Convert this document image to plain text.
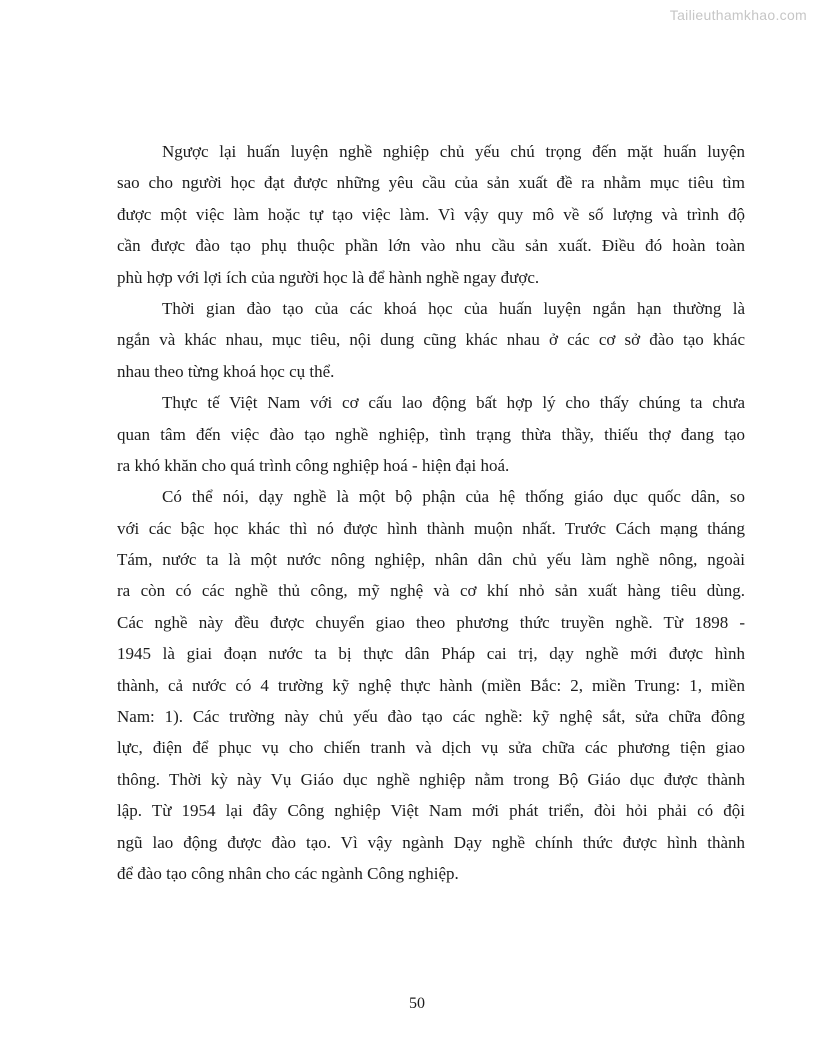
Tailieuthamkhao.com
Ngược lại huấn luyện nghề nghiệp chủ yếu chú trọng đến mặt huấn luyện
sao cho người học đạt được những yêu cầu của sản xuất đề ra nhằm mục tiêu tìm
được một việc làm hoặc tự tạo việc làm. Vì vậy quy mô về số lượng và trình độ
cần được đào tạo phụ thuộc phần lớn vào nhu cầu sản xuất. Điều đó hoàn toàn
phù hợp với lợi ích của người học là để hành nghề ngay được.
Thời gian đào tạo của các khoá học của huấn luyện ngắn hạn thường là
ngắn và khác nhau, mục tiêu, nội dung cũng khác nhau ở các cơ sở đào tạo khác
nhau theo từng khoá học cụ thể.
Thực tế Việt Nam với cơ cấu lao động bất hợp lý cho thấy chúng ta chưa
quan tâm đến việc đào tạo nghề nghiệp, tình trạng thừa thầy, thiếu thợ đang tạo
ra khó khăn cho quá trình công nghiệp hoá - hiện đại hoá.
Có thể nói, dạy nghề là một bộ phận của hệ thống giáo dục quốc dân, so
với các bậc học khác thì nó được hình thành muộn nhất. Trước Cách mạng tháng
Tám, nước ta là một nước nông nghiệp, nhân dân chủ yếu làm nghề nông, ngoài
ra còn có các nghề thủ công, mỹ nghệ và cơ khí nhỏ sản xuất hàng tiêu dùng.
Các nghề này đều được chuyển giao theo phương thức truyền nghề. Từ 1898 -
1945 là giai đoạn nước ta bị thực dân Pháp cai trị, dạy nghề mới được hình
thành, cả nước có 4 trường kỹ nghệ thực hành (miền Bắc: 2, miền Trung: 1, miền
Nam: 1). Các trường này chủ yếu đào tạo các nghề: kỹ nghệ sắt, sửa chữa đông
lực, điện để phục vụ cho chiến tranh và dịch vụ sửa chữa các phương tiện giao
thông. Thời kỳ này Vụ Giáo dục nghề nghiệp nằm trong Bộ Giáo dục được thành
lập. Từ 1954 lại đây Công nghiệp Việt Nam mới phát triển, đòi hỏi phải có đội
ngũ lao động được đào tạo. Vì vậy ngành Dạy nghề chính thức được hình thành
để đào tạo công nhân cho các ngành Công nghiệp.
50
